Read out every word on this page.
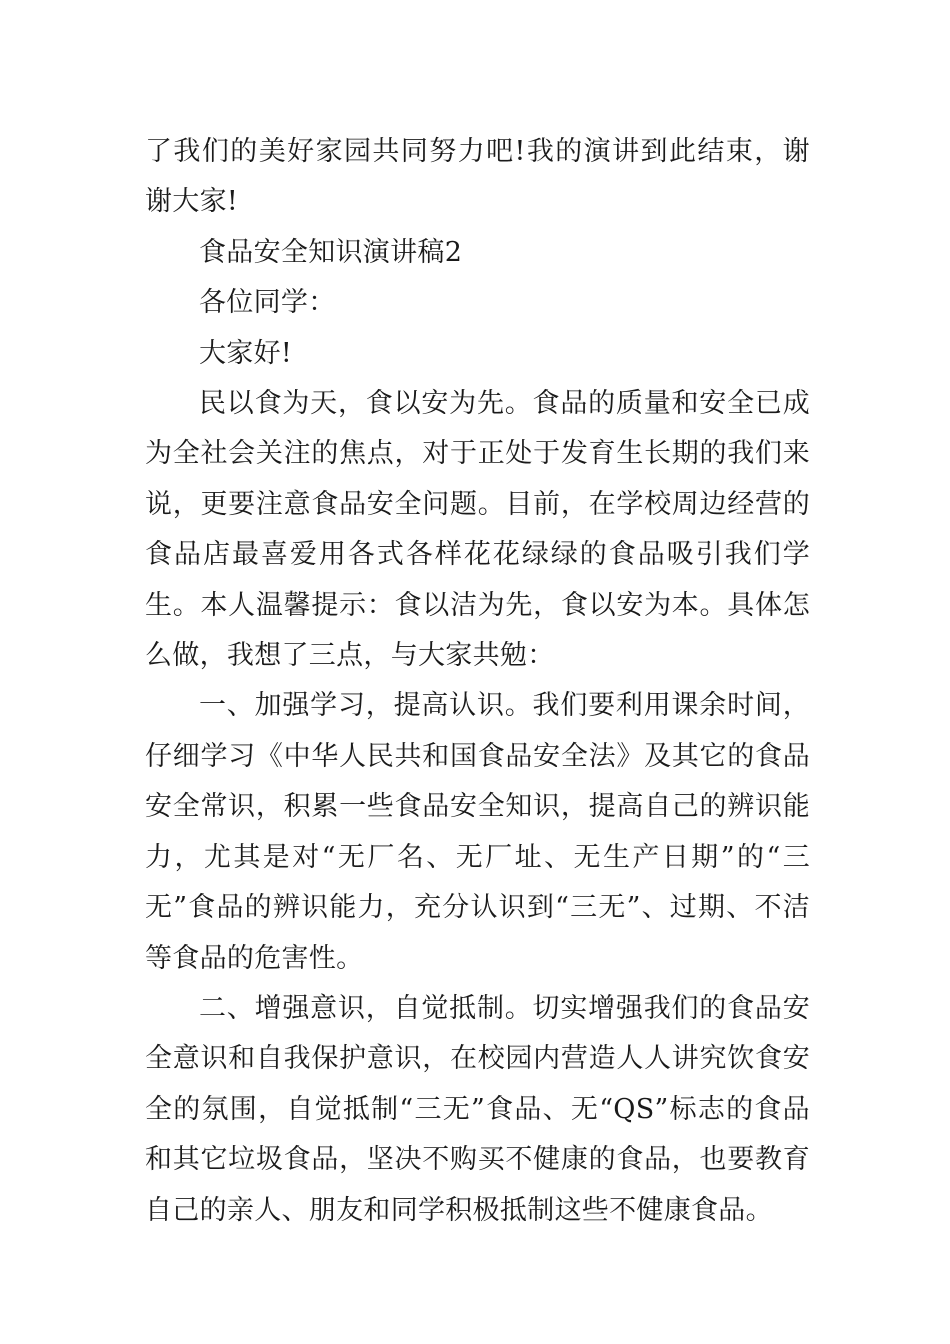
了我们的美好家园共同努力吧!我的演讲到此结束，谢谢大家!

食品安全知识演讲稿2

各位同学：

大家好!

民以食为天，食以安为先。食品的质量和安全已成为全社会关注的焦点，对于正处于发育生长期的我们来说，更要注意食品安全问题。目前，在学校周边经营的食品店最喜爱用各式各样花花绿绿的食品吸引我们学生。本人温馨提示：食以洁为先，食以安为本。具体怎么做，我想了三点，与大家共勉：

一、加强学习，提高认识。我们要利用课余时间，仔细学习《中华人民共和国食品安全法》及其它的食品安全常识，积累一些食品安全知识，提高自己的辨识能力，尤其是对“无厂名、无厂址、无生产日期”的“三无”食品的辨识能力，充分认识到“三无”、过期、不洁等食品的危害性。

二、增强意识，自觉抵制。切实增强我们的食品安全意识和自我保护意识，在校园内营造人人讲究饮食安全的氛围，自觉抵制“三无”食品、无“QS”标志的食品和其它垃圾食品，坚决不购买不健康的食品，也要教育自己的亲人、朋友和同学积极抵制这些不健康食品。
